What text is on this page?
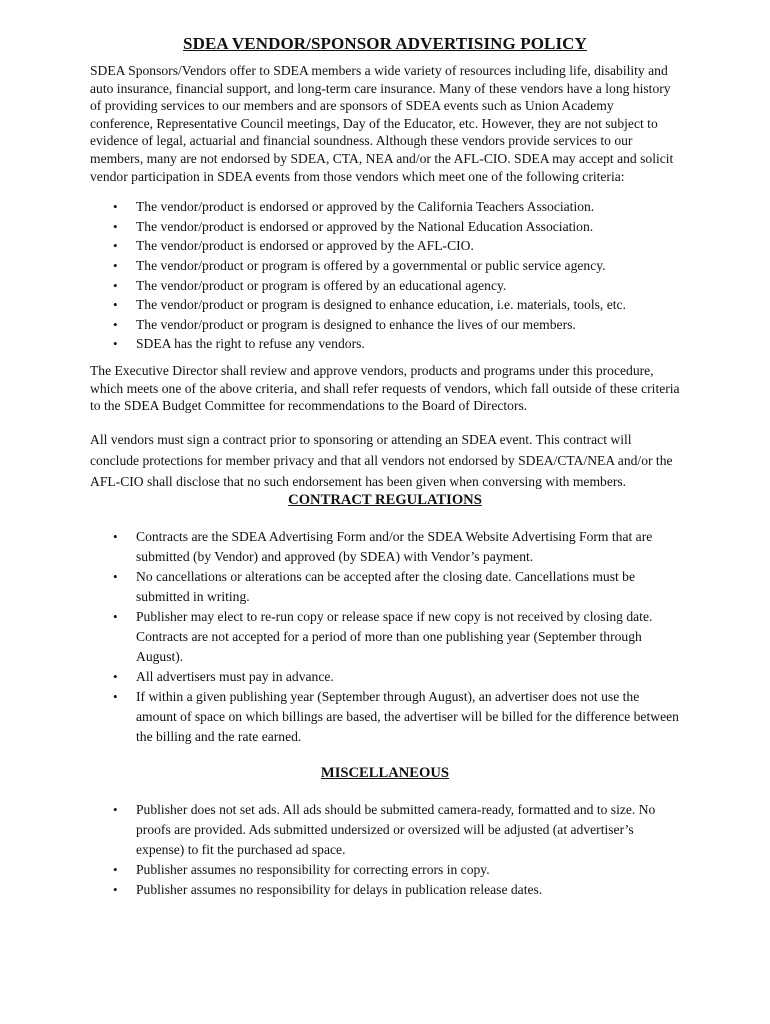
SDEA VENDOR/SPONSOR ADVERTISING POLICY

SDEA Sponsors/Vendors offer to SDEA members a wide variety of resources including life, disability and auto insurance, financial support, and long-term care insurance. Many of these vendors have a long history of providing services to our members and are sponsors of SDEA events such as Union Academy conference, Representative Council meetings, Day of the Educator, etc. However, they are not subject to evidence of legal, actuarial and financial soundness. Although these vendors provide services to our members, many are not endorsed by SDEA, CTA, NEA and/or the AFL-CIO. SDEA may accept and solicit vendor participation in SDEA events from those vendors which meet one of the following criteria:

• The vendor/product is endorsed or approved by the California Teachers Association.
• The vendor/product is endorsed or approved by the National Education Association.
• The vendor/product is endorsed or approved by the AFL-CIO.
• The vendor/product or program is offered by a governmental or public service agency.
• The vendor/product or program is offered by an educational agency.
• The vendor/product or program is designed to enhance education, i.e. materials, tools, etc.
• The vendor/product or program is designed to enhance the lives of our members.
• SDEA has the right to refuse any vendors.

The Executive Director shall review and approve vendors, products and programs under this procedure, which meets one of the above criteria, and shall refer requests of vendors, which fall outside of these criteria to the SDEA Budget Committee for recommendations to the Board of Directors.

All vendors must sign a contract prior to sponsoring or attending an SDEA event. This contract will conclude protections for member privacy and that all vendors not endorsed by SDEA/CTA/NEA and/or the AFL-CIO shall disclose that no such endorsement has been given when conversing with members.

CONTRACT REGULATIONS
• Contracts are the SDEA Advertising Form and/or the SDEA Website Advertising Form that are submitted (by Vendor) and approved (by SDEA) with Vendor’s payment.
• No cancellations or alterations can be accepted after the closing date. Cancellations must be submitted in writing.
• Publisher may elect to re-run copy or release space if new copy is not received by closing date. Contracts are not accepted for a period of more than one publishing year (September through August).
• All advertisers must pay in advance.
• If within a given publishing year (September through August), an advertiser does not use the amount of space on which billings are based, the advertiser will be billed for the difference between the billing and the rate earned.
MISCELLANEOUS
• Publisher does not set ads. All ads should be submitted camera-ready, formatted and to size. No proofs are provided. Ads submitted undersized or oversized will be adjusted (at advertiser’s expense) to fit the purchased ad space.
• Publisher assumes no responsibility for correcting errors in copy.
• Publisher assumes no responsibility for delays in publication release dates.
